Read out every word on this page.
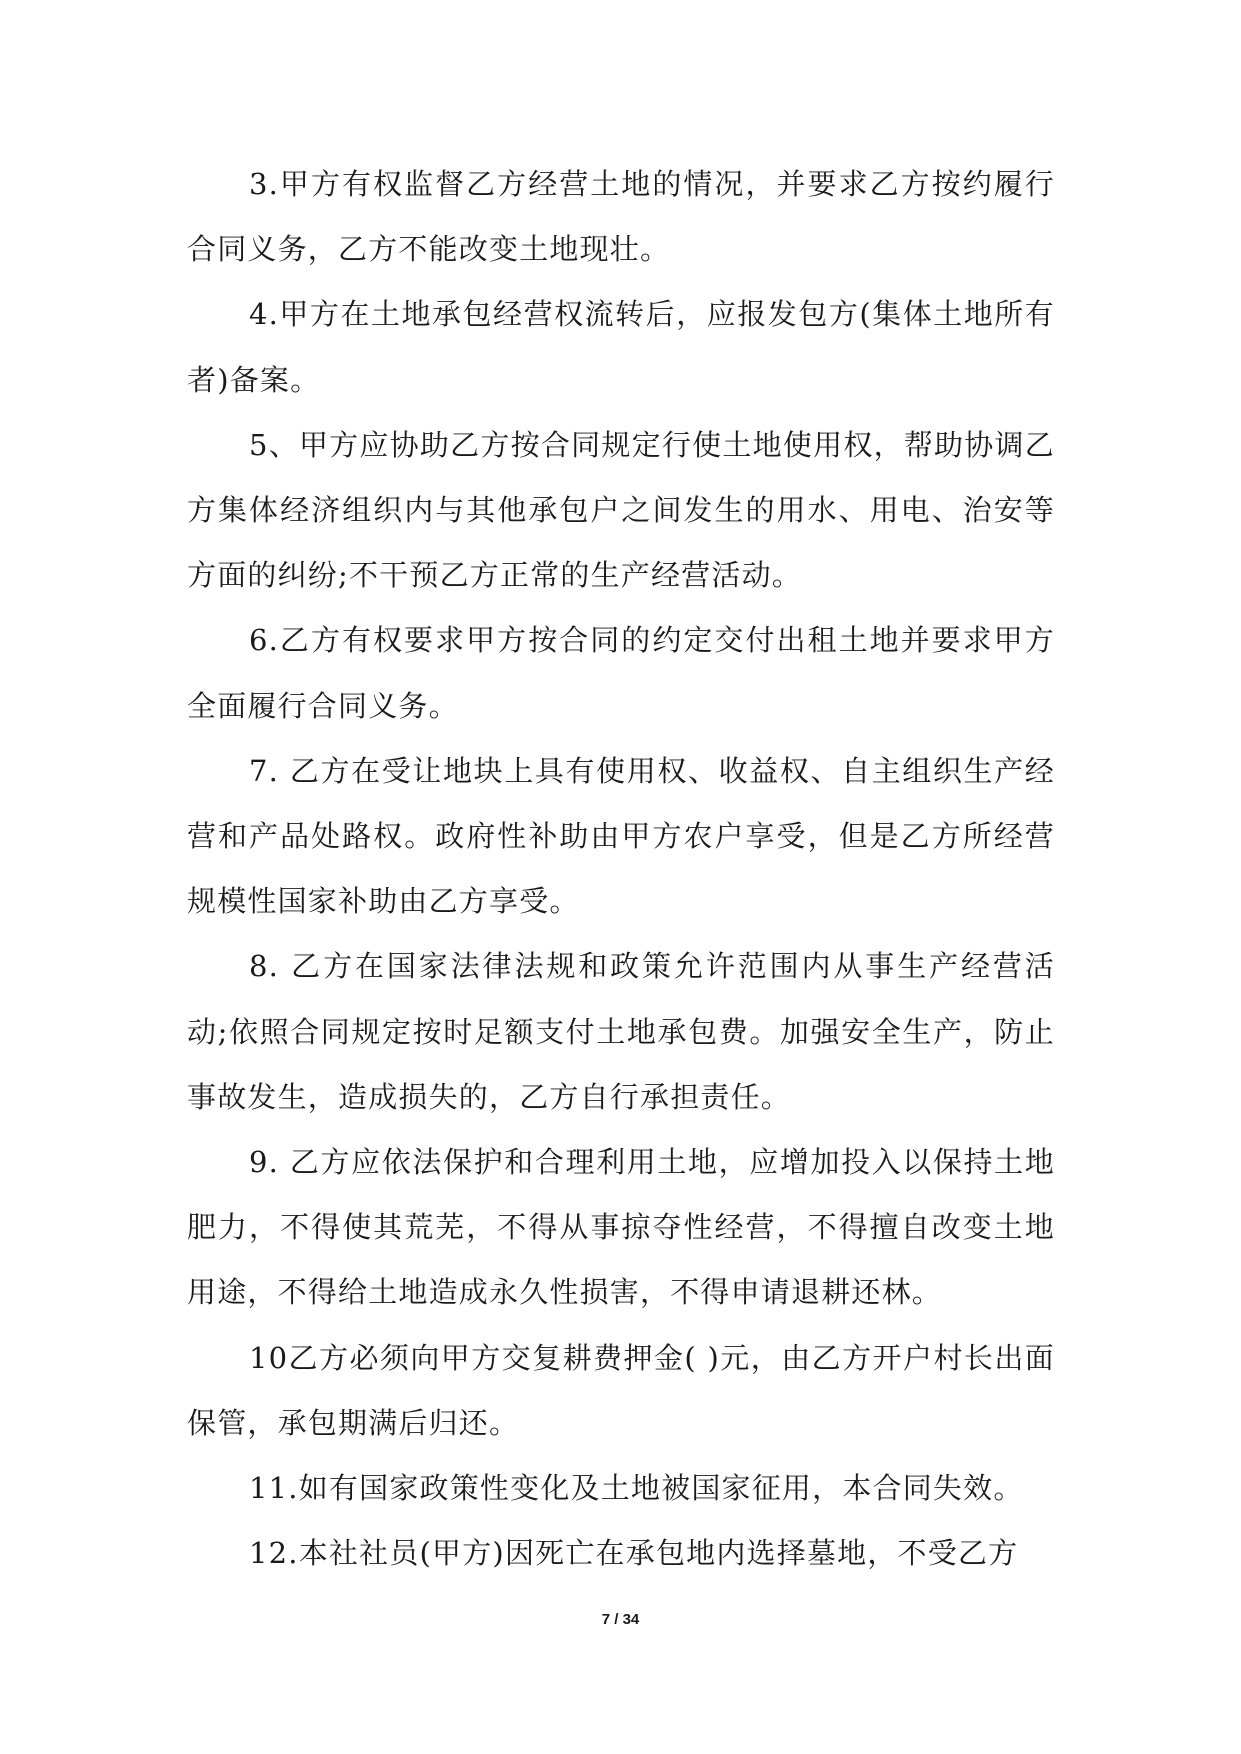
3.甲方有权监督乙方经营土地的情况，并要求乙方按约履行合同义务，乙方不能改变土地现壮。

4.甲方在土地承包经营权流转后，应报发包方(集体土地所有者)备案。

5、甲方应协助乙方按合同规定行使土地使用权，帮助协调乙方集体经济组织内与其他承包户之间发生的用水、用电、治安等方面的纠纷;不干预乙方正常的生产经营活动。

6.乙方有权要求甲方按合同的约定交付出租土地并要求甲方全面履行合同义务。

7. 乙方在受让地块上具有使用权、收益权、自主组织生产经营和产品处路权。政府性补助由甲方农户享受，但是乙方所经营规模性国家补助由乙方享受。

8. 乙方在国家法律法规和政策允许范围内从事生产经营活动;依照合同规定按时足额支付土地承包费。加强安全生产，防止事故发生，造成损失的，乙方自行承担责任。

9. 乙方应依法保护和合理利用土地，应增加投入以保持土地肥力，不得使其荒芜，不得从事掠夺性经营，不得擅自改变土地用途，不得给土地造成永久性损害，不得申请退耕还林。

10乙方必须向甲方交复耕费押金( )元，由乙方开户村长出面保管，承包期满后归还。

11.如有国家政策性变化及土地被国家征用，本合同失效。

12.本社社员(甲方)因死亡在承包地内选择墓地，不受乙方

7 / 34
